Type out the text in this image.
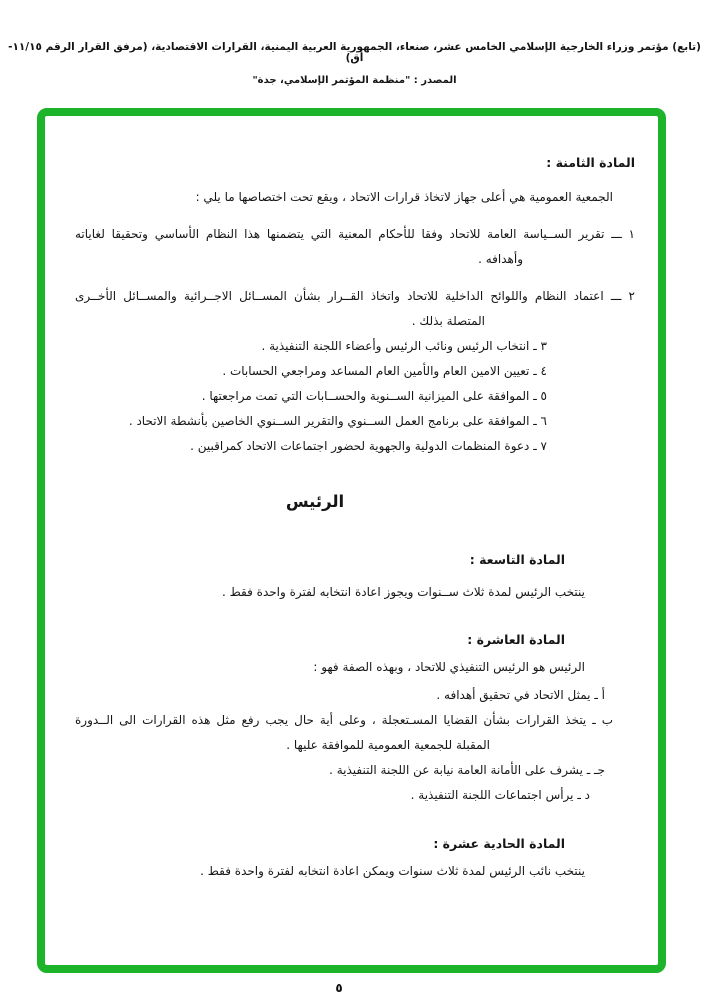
(تابع) مؤتمر وزراء الخارجية الإسلامي الخامس عشر، صنعاء، الجمهورية العربية اليمنية، القرارات الاقتصادية، (مرفق القرار الرقم ١١/١٥-أق)
المصدر : "منظمة المؤتمر الإسلامي، جدة"
المادة الثامنة :
الجمعية العمومية هي أعلى جهاز لاتخاذ قرارات الاتحاد ، ويقع تحت اختصاصها ما يلي :
١ ـــ تقرير الســياسة العامة للاتحاد وفقا للأحكام المعنية التي يتضمنها هذا النظام الأساسي وتحقيقا لغاياته
وأهدافه .
٢ ـــ اعتماد النظام واللوائح الداخلية للاتحاد واتخاذ القــرار بشأن المســائل الاجــرائية والمســائل الأخــرى
المتصلة بذلك .
٣ ـ انتخاب الرئيس ونائب الرئيس وأعضاء اللجنة التنفيذية .
٤ ـ تعيين الامين العام والأمين العام المساعد ومراجعي الحسابات .
٥ ـ الموافقة على الميزانية الســنوية والحســابات التي تمت مراجعتها .
٦ ـ الموافقة على برنامج العمل الســنوي والتقرير الســنوي الخاصين بأنشطة الاتحاد .
٧ ـ دعوة المنظمات الدولية والجهوية لحضور اجتماعات الاتحاد كمراقبين .
الرئيس
المادة التاسعة :
ينتخب الرئيس لمدة ثلاث ســنوات ويجوز اعادة انتخابه لفترة واحدة فقط .
المادة العاشرة :
الرئيس هو الرئيس التنفيذي للاتحاد ، وبهذه الصفة فهو :
أ ـ يمثل الاتحاد في تحقيق أهدافه .
ب ـ يتخذ القرارات بشأن القضايا المسـتعجلة ، وعلى أية حال يجب رفع مثل هذه القرارات الى الــدورة
المقبلة للجمعية العمومية للموافقة عليها .
جـ ـ يشرف على الأمانة العامة نيابة عن اللجنة التنفيذية .
د ـ يرأس اجتماعات اللجنة التنفيذية .
المادة الحادية عشرة :
ينتخب نائب الرئيس لمدة ثلاث سنوات ويمكن اعادة انتخابه لفترة واحدة فقط .
٥
